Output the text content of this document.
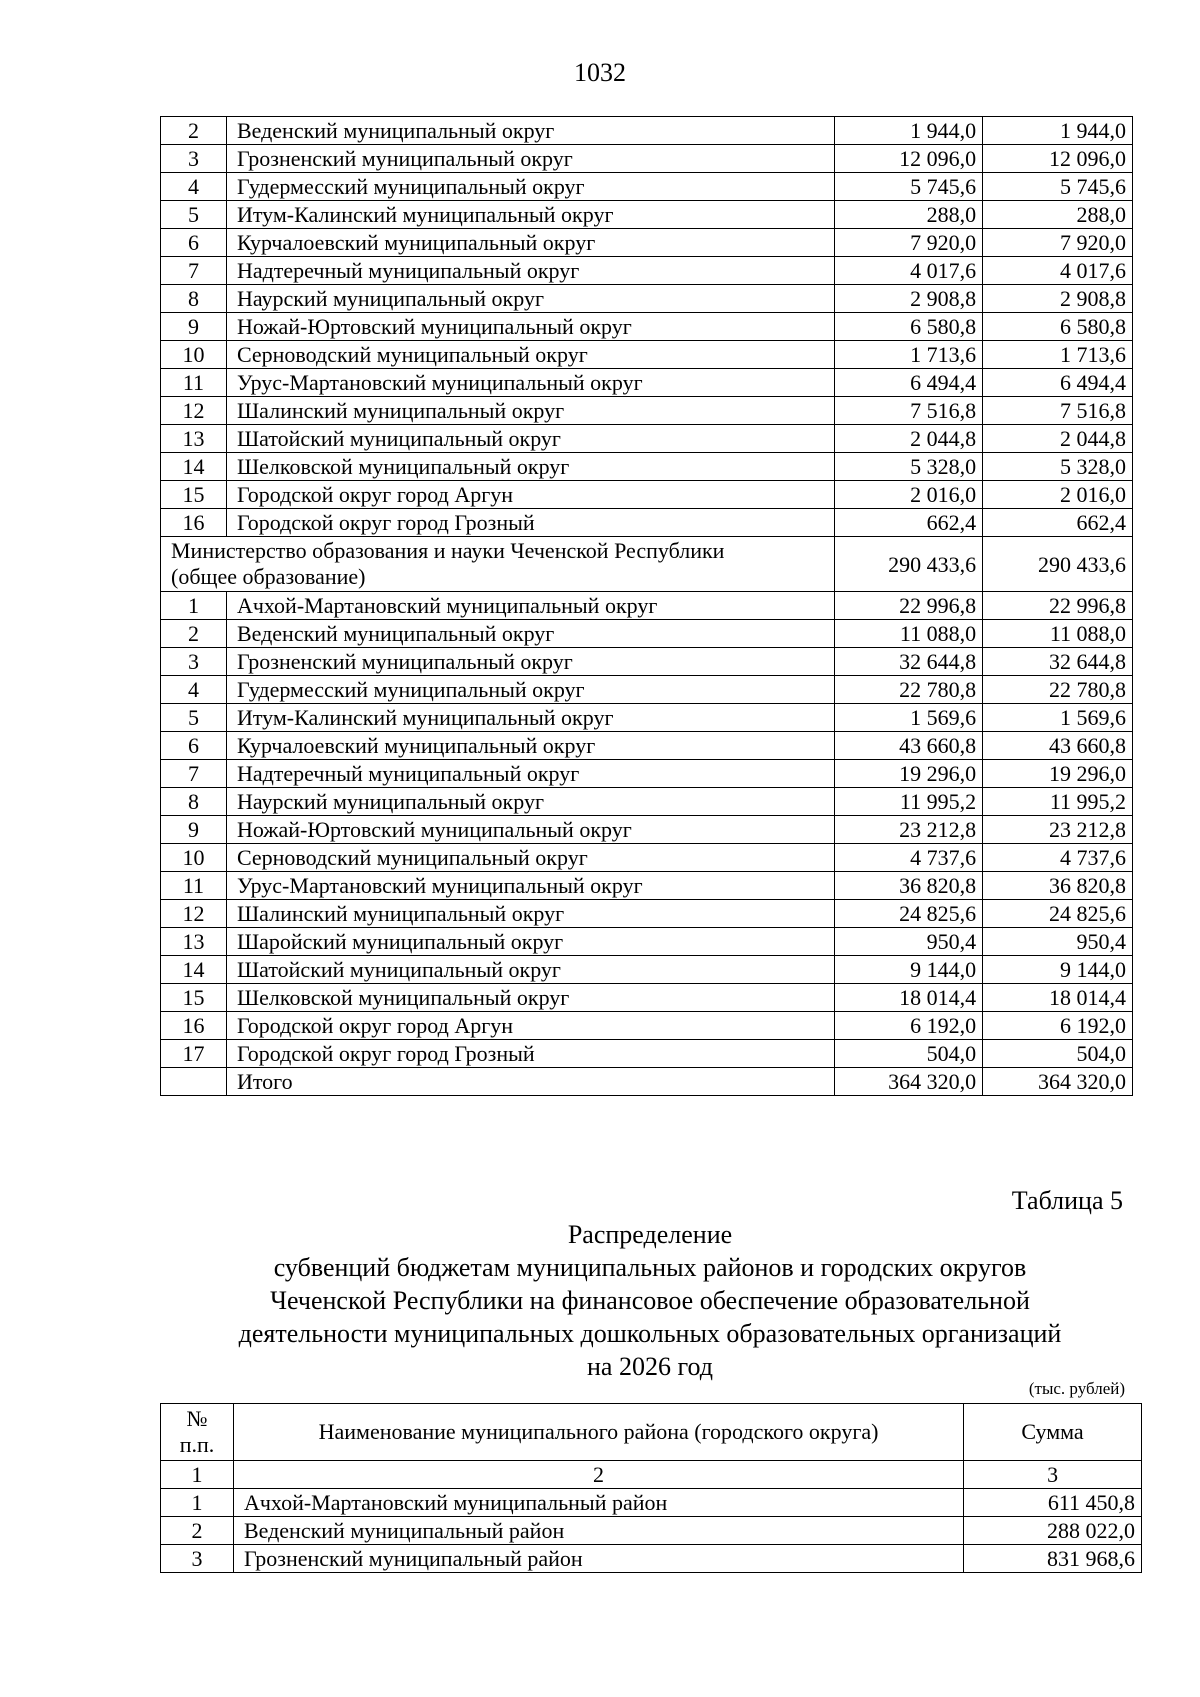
1032
2	Веденский муниципальный округ	1 944,0	1 944,0
3	Грозненский муниципальный округ	12 096,0	12 096,0
4	Гудермесский муниципальный округ	5 745,6	5 745,6
5	Итум-Калинский муниципальный округ	288,0	288,0
6	Курчалоевский муниципальный округ	7 920,0	7 920,0
7	Надтеречный муниципальный округ	4 017,6	4 017,6
8	Наурский муниципальный округ	2 908,8	2 908,8
9	Ножай-Юртовский муниципальный округ	6 580,8	6 580,8
10	Серноводский муниципальный округ	1 713,6	1 713,6
11	Урус-Мартановский муниципальный округ	6 494,4	6 494,4
12	Шалинский муниципальный округ	7 516,8	7 516,8
13	Шатойский муниципальный округ	2 044,8	2 044,8
14	Шелковской муниципальный округ	5 328,0	5 328,0
15	Городской округ город Аргун	2 016,0	2 016,0
16	Городской округ город Грозный	662,4	662,4
Министерство образования и науки Чеченской Республики
(общее образование)		290 433,6	290 433,6
1	Ачхой-Мартановский муниципальный округ	22 996,8	22 996,8
2	Веденский муниципальный округ	11 088,0	11 088,0
3	Грозненский муниципальный округ	32 644,8	32 644,8
4	Гудермесский муниципальный округ	22 780,8	22 780,8
5	Итум-Калинский муниципальный округ	1 569,6	1 569,6
6	Курчалоевский муниципальный округ	43 660,8	43 660,8
7	Надтеречный муниципальный округ	19 296,0	19 296,0
8	Наурский муниципальный округ	11 995,2	11 995,2
9	Ножай-Юртовский муниципальный округ	23 212,8	23 212,8
10	Серноводский муниципальный округ	4 737,6	4 737,6
11	Урус-Мартановский муниципальный округ	36 820,8	36 820,8
12	Шалинский муниципальный округ	24 825,6	24 825,6
13	Шаройский муниципальный округ	950,4	950,4
14	Шатойский муниципальный округ	9 144,0	9 144,0
15	Шелковской муниципальный округ	18 014,4	18 014,4
16	Городской округ город Аргун	6 192,0	6 192,0
17	Городской округ город Грозный	504,0	504,0
	Итого	364 320,0	364 320,0
Таблица 5
Распределение
субвенций бюджетам муниципальных районов и городских округов
Чеченской Республики на финансовое обеспечение образовательной
деятельности муниципальных дошкольных образовательных организаций
на 2026 год
(тыс. рублей)
№
п.п.	Наименование муниципального района (городского округа)	Сумма
1	2	3
1	Ачхой-Мартановский муниципальный район	611 450,8
2	Веденский муниципальный район	288 022,0
3	Грозненский муниципальный район	831 968,6
